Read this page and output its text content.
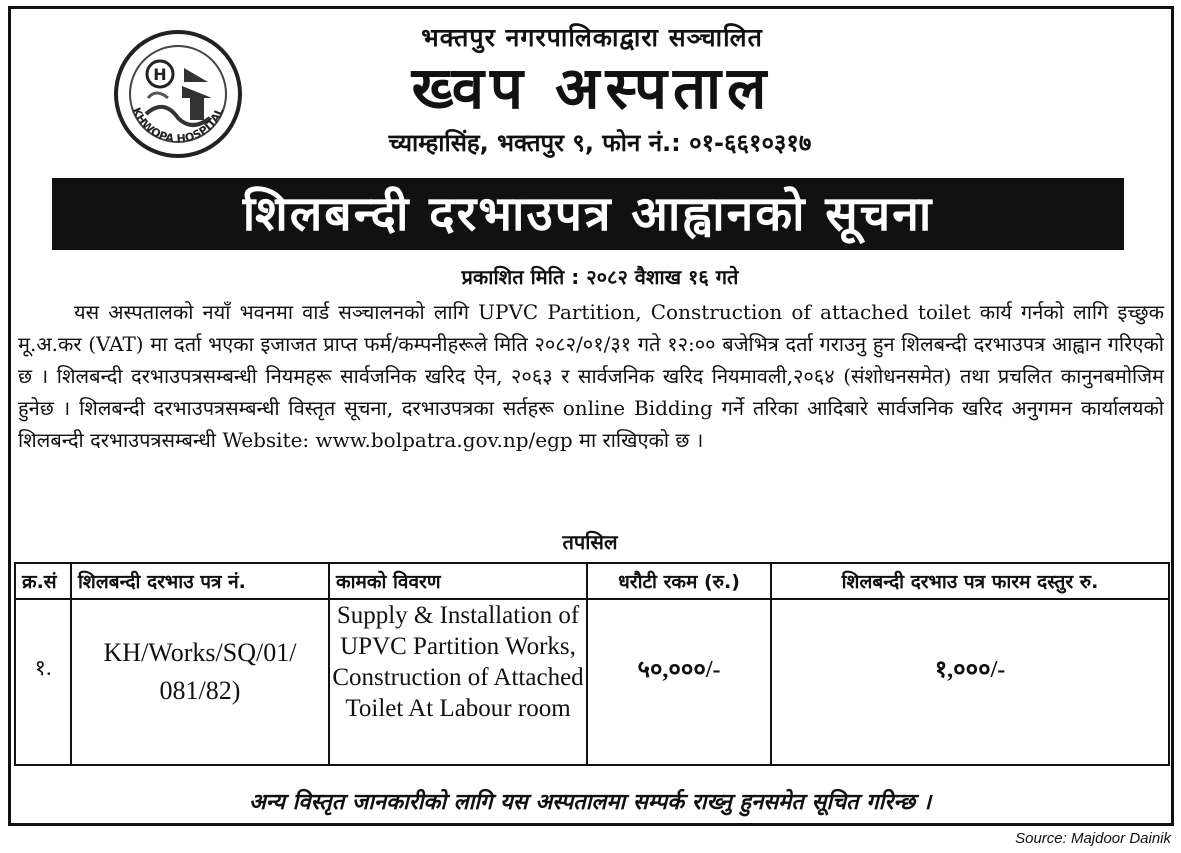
H
KHWOPA HOSPITAL
भक्तपुर नगरपालिकाद्वारा सञ्चालित
ख्वप अस्पताल
च्याम्हासिंह, भक्तपुर ९, फोन नं.: ०१-६६१०३१७
शिलबन्दी दरभाउपत्र आह्वानको सूचना
प्रकाशित मिति : २०८२ वैशाख १६ गते

यस अस्पतालको नयाँ भवनमा वार्ड सञ्चालनको लागि UPVC Partition, Construction of attached toilet कार्य गर्नको लागि इच्छुक मू.अ.कर (VAT) मा दर्ता भएका इजाजत प्राप्त फर्म/कम्पनीहरूले मिति २०८२/०१/३१ गते १२:०० बजेभित्र दर्ता गराउनु हुन शिलबन्दी दरभाउपत्र आह्वान गरिएको छ । शिलबन्दी दरभाउपत्रसम्बन्धी नियमहरू सार्वजनिक खरिद ऐन, २०६३ र सार्वजनिक खरिद नियमावली,२०६४ (संशोधनसमेत) तथा प्रचलित कानुनबमोजिम हुनेछ । शिलबन्दी दरभाउपत्रसम्बन्धी विस्तृत सूचना, दरभाउपत्रका सर्तहरू online Bidding गर्ने तरिका आदिबारे सार्वजनिक खरिद अनुगमन कार्यालयको शिलबन्दी दरभाउपत्रसम्बन्धी Website: www.bolpatra.gov.np/egp मा राखिएको छ ।

तपसिल
क्र.सं	शिलबन्दी दरभाउ पत्र नं.	कामको विवरण	धरौटी रकम (रु.)	शिलबन्दी दरभाउ पत्र फारम दस्तुर रु.
१.	KH/Works/SQ/01/ 081/82)	Supply & Installation of UPVC Partition Works, Construction of Attached Toilet At Labour room	५०,०००/-	१,०००/-
अन्य विस्तृत जानकारीको लागि यस अस्पतालमा सम्पर्क राख्नु हुनसमेत सूचित गरिन्छ ।
Source: Majdoor Dainik
